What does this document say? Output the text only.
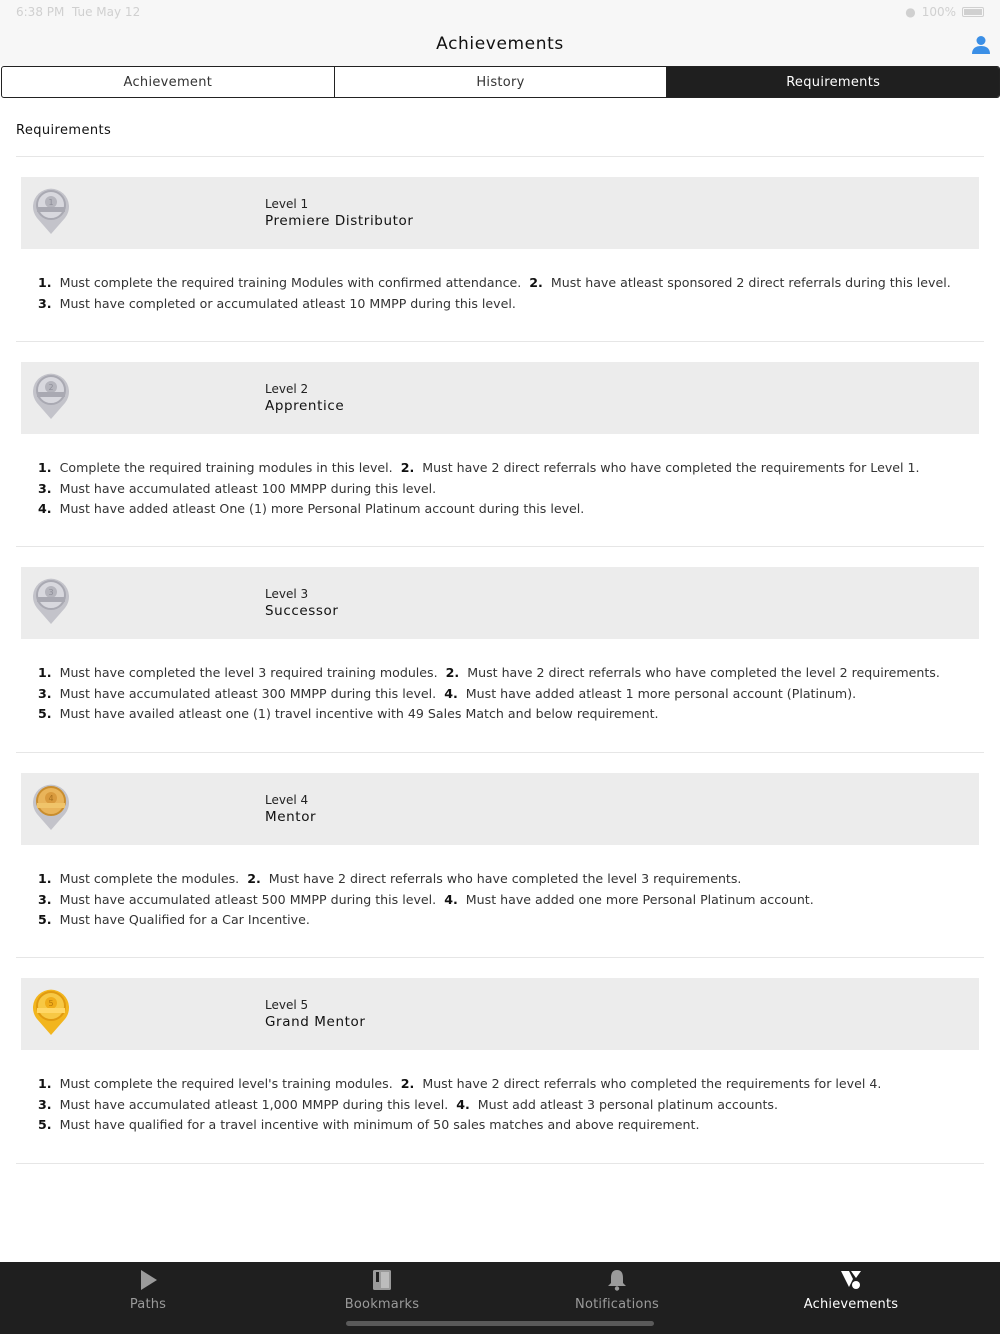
6:38 PM Tue May 12	● 100%
Achievements
Achievement	History	Requirements
Requirements
1	Level 1
Premiere Distributor
1. Must complete the required training Modules with confirmed attendance. 2. Must have atleast sponsored 2 direct referrals during this level.
3. Must have completed or accumulated atleast 10 MMPP during this level.
2	Level 2
Apprentice
1. Complete the required training modules in this level. 2. Must have 2 direct referrals who have completed the requirements for Level 1.
3. Must have accumulated atleast 100 MMPP during this level.
4. Must have added atleast One (1) more Personal Platinum account during this level.
3	Level 3
Successor
1. Must have completed the level 3 required training modules. 2. Must have 2 direct referrals who have completed the level 2 requirements.
3. Must have accumulated atleast 300 MMPP during this level. 4. Must have added atleast 1 more personal account (Platinum).
5. Must have availed atleast one (1) travel incentive with 49 Sales Match and below requirement.
4	Level 4
Mentor
1. Must complete the modules. 2. Must have 2 direct referrals who have completed the level 3 requirements.
3. Must have accumulated atleast 500 MMPP during this level. 4. Must have added one more Personal Platinum account.
5. Must have Qualified for a Car Incentive.
5	Level 5
Grand Mentor
1. Must complete the required level's training modules. 2. Must have 2 direct referrals who completed the requirements for level 4.
3. Must have accumulated atleast 1,000 MMPP during this level. 4. Must add atleast 3 personal platinum accounts.
5. Must have qualified for a travel incentive with minimum of 50 sales matches and above requirement.
Paths	Bookmarks	Notifications	Achievements
